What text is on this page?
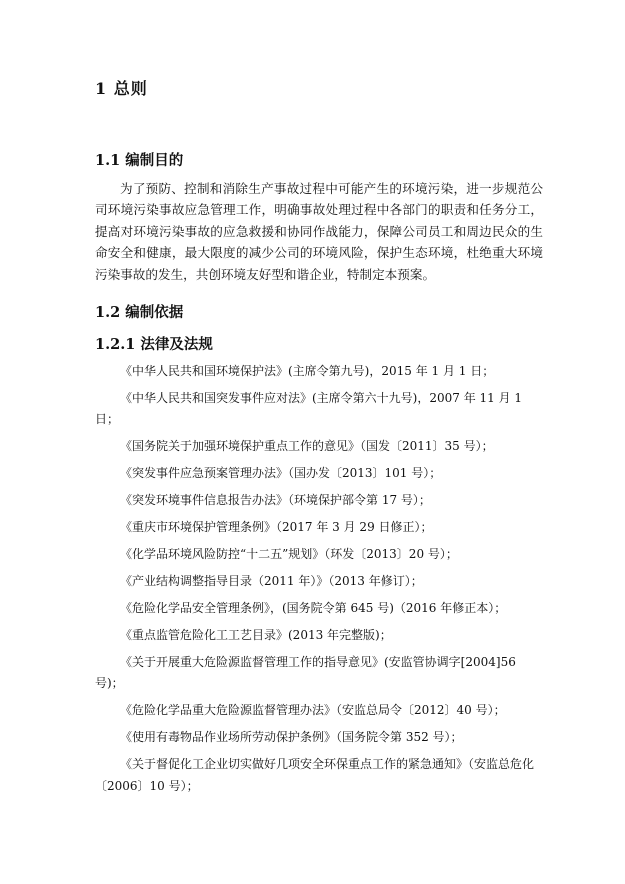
1 总则
1.1 编制目的

为了预防、控制和消除生产事故过程中可能产生的环境污染，进一步规范公司环境污染事故应急管理工作，明确事故处理过程中各部门的职责和任务分工，提高对环境污染事故的应急救援和协同作战能力，保障公司员工和周边民众的生命安全和健康，最大限度的减少公司的环境风险，保护生态环境，杜绝重大环境污染事故的发生，共创环境友好型和谐企业，特制定本预案。

1.2 编制依据
1.2.1 法律及法规
《中华人民共和国环境保护法》(主席令第九号)，2015 年 1 月 1 日；
《中华人民共和国突发事件应对法》(主席令第六十九号)，2007 年 11 月 1 日；
《国务院关于加强环境保护重点工作的意见》（国发〔2011〕35 号）；
《突发事件应急预案管理办法》（国办发〔2013〕101 号）；
《突发环境事件信息报告办法》（环境保护部令第 17 号）；
《重庆市环境保护管理条例》（2017 年 3 月 29 日修正）；
《化学品环境风险防控“十二五”规划》（环发〔2013〕20 号）；
《产业结构调整指导目录（2011 年）》（2013 年修订）；
《危险化学品安全管理条例》，(国务院令第 645 号)（2016 年修正本）；
《重点监管危险化工工艺目录》(2013 年完整版)；
《关于开展重大危险源监督管理工作的指导意见》(安监管协调字[2004]56 号)；
《危险化学品重大危险源监督管理办法》（安监总局令〔2012〕40 号）；
《使用有毒物品作业场所劳动保护条例》（国务院令第 352 号）；
《关于督促化工企业切实做好几项安全环保重点工作的紧急通知》（安监总危化〔2006〕10 号）；
